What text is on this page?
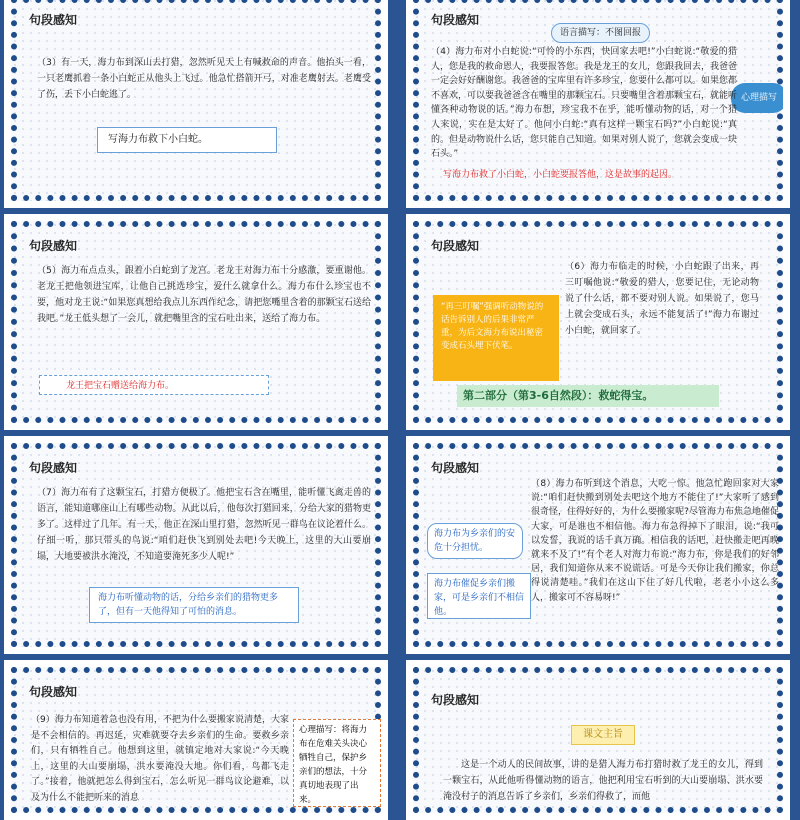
句段感知
（3）有一天，海力布到深山去打猎，忽然听见天上有喊救命的声音。他抬头一看，一只老鹰抓着一条小白蛇正从他头上飞过。他急忙搭箭开弓，对准老鹰射去。老鹰受了伤，丢下小白蛇逃了。
写海力布救下小白蛇。
句段感知
语言描写：不图回报
心理描写
（4）海力布对小白蛇说:“可怜的小东西，快回家去吧!”小白蛇说:“敬爱的猎人，您是我的救命恩人，我要报答您。我是龙王的女儿，您跟我回去，我爸爸一定会好好酬谢您。我爸爸的宝库里有许多珍宝，您要什么都可以。如果您都不喜欢，可以要我爸爸含在嘴里的那颗宝石。只要嘴里含着那颗宝石，就能听懂各种动物说的话。”海力布想，珍宝我不在乎，能听懂动物的话，对一个猎人来说，实在是太好了。他问小白蛇:“真有这样一颗宝石吗?”小白蛇说:“真的。但是动物说什么话，您只能自己知道。如果对别人说了，您就会变成一块石头。”
写海力布救了小白蛇，小白蛇要报答他，这是故事的起因。
句段感知
（5）海力布点点头，跟着小白蛇到了龙宫。老龙王对海力布十分感激，要重谢他。老龙王把他领进宝库，让他自己挑选珍宝，爱什么就拿什么。海力布什么珍宝也不要，他对龙王说:“如果您真想给我点儿东西作纪念，请把您嘴里含着的那颗宝石送给我吧。”龙王低头想了一会儿，就把嘴里含的宝石吐出来，送给了海力布。
龙王把宝石赠送给海力布。
句段感知
（6）海力布临走的时候，小白蛇跟了出来，再三叮嘱他说:“敬爱的猎人，您要记住，无论动物说了什么话，都不要对别人说。如果说了，您马上就会变成石头，永远不能复活了!”海力布谢过小白蛇，就回家了。
“再三叮嘱”强调听动物说的话告诉别人的后果非常严重，为后文海力布说出秘密变成石头埋下伏笔。
第二部分（第3-6自然段）：救蛇得宝。
句段感知
（7）海力布有了这颗宝石，打猎方便极了。他把宝石含在嘴里，能听懂飞禽走兽的语言，能知道哪座山上有哪些动物。从此以后，他每次打猎回来，分给大家的猎物更多了。这样过了几年。有一天，他正在深山里打猎，忽然听见一群鸟在议论着什么。仔细一听，那只带头的鸟说:“咱们赶快飞到别处去吧!今天晚上，这里的大山要崩塌，大地要被洪水淹没，不知道要淹死多少人呢!”
海力布听懂动物的话，分给乡亲们的猎物更多了，但有一天他得知了可怕的消息。
句段感知
（8）海力布听到这个消息，大吃一惊。他急忙跑回家对大家说:“咱们赶快搬到别处去吧这个地方不能住了!”大家听了感到很奇怪，住得好好的，为什么要搬家呢?尽管海力布焦急地催促大家，可是谁也不相信他。海力布急得掉下了眼泪，说:“我可以发誓，我说的话千真万确。相信我的话吧，赶快搬走吧再晚就来不及了!”有个老人对海力布说:“海力布，你是我们的好邻居，我们知道你从来不说谎话。可是今天你让我们搬家，你总得说清楚哇。”我们在这山下住了好几代啦，老老小小这么多人，搬家可不容易呀!”
海力布为乡亲们的安危十分担忧。
海力布催促乡亲们搬家，可是乡亲们不相信他。
句段感知
（9）海力布知道着急也没有用，不把为什么要搬家说清楚，大家是不会相信的。再迟延，灾难就要夺去乡亲们的生命。要救乡亲们，只有牺牲自己。他想到这里，就镇定地对大家说:“今天晚上，这里的大山要崩塌，洪水要淹没大地。你们看，鸟都飞走了。”接着，他就把怎么得到宝石，怎么听见一群鸟议论避难，以及为什么不能把听来的消息
心理描写：将海力布在危难关头决心牺牲自己，保护乡亲们的想法，十分真切地表现了出来。
句段感知
课文主旨
这是一个动人的民间故事，讲的是猎人海力布打猎时救了龙王的女儿，得到一颗宝石，从此他听得懂动物的语言，他把利用宝石听到的大山要崩塌、洪水要淹没村子的消息告诉了乡亲们，乡亲们得救了，而他
